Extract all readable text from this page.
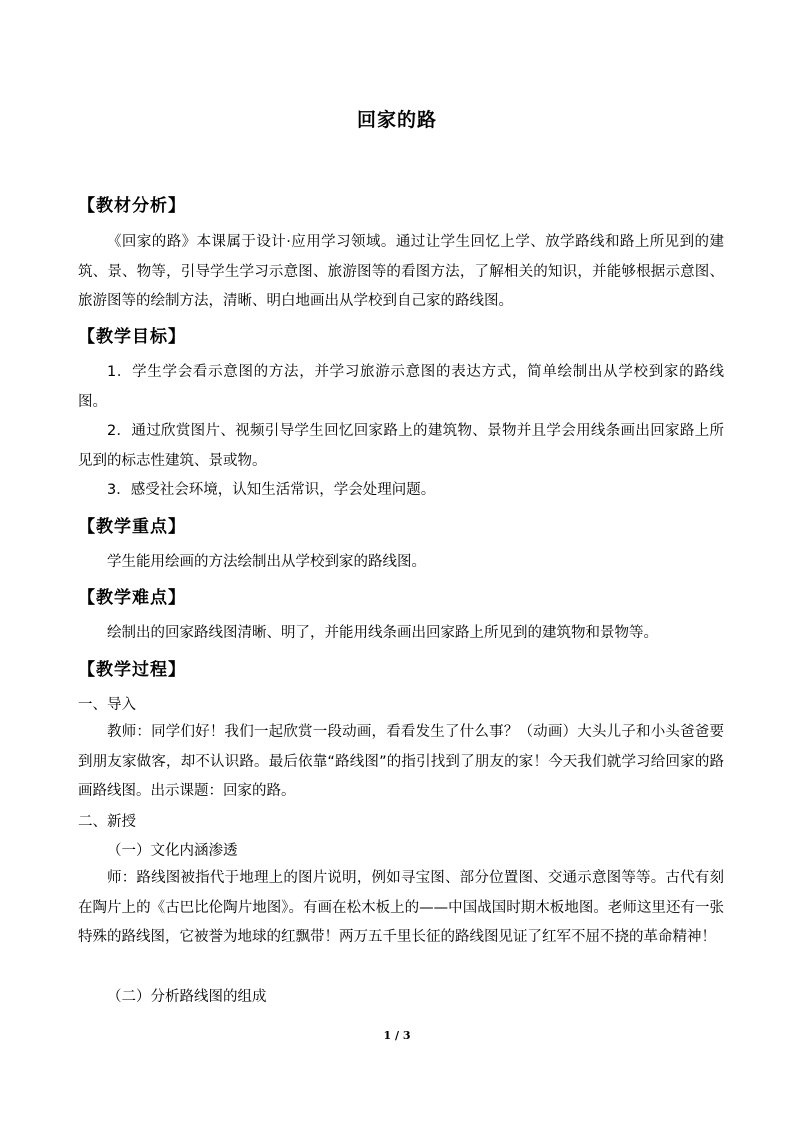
回家的路
【教材分析】
《回家的路》本课属于设计·应用学习领域。通过让学生回忆上学、放学路线和路上所见到的建筑、景、物等，引导学生学习示意图、旅游图等的看图方法，了解相关的知识，并能够根据示意图、旅游图等的绘制方法，清晰、明白地画出从学校到自己家的路线图。
【教学目标】
1．学生学会看示意图的方法，并学习旅游示意图的表达方式，简单绘制出从学校到家的路线图。
2．通过欣赏图片、视频引导学生回忆回家路上的建筑物、景物并且学会用线条画出回家路上所见到的标志性建筑、景或物。
3．感受社会环境，认知生活常识，学会处理问题。
【教学重点】
学生能用绘画的方法绘制出从学校到家的路线图。
【教学难点】
绘制出的回家路线图清晰、明了，并能用线条画出回家路上所见到的建筑物和景物等。
【教学过程】
一、导入
教师：同学们好！我们一起欣赏一段动画，看看发生了什么事？（动画）大头儿子和小头爸爸要到朋友家做客，却不认识路。最后依靠“路线图”的指引找到了朋友的家！今天我们就学习给回家的路画路线图。出示课题：回家的路。
二、新授
（一）文化内涵渗透
师：路线图被指代于地理上的图片说明，例如寻宝图、部分位置图、交通示意图等等。古代有刻在陶片上的《古巴比伦陶片地图》。有画在松木板上的——中国战国时期木板地图。老师这里还有一张特殊的路线图，它被誉为地球的红飘带！两万五千里长征的路线图见证了红军不屈不挠的革命精神！
（二）分析路线图的组成
1 / 3
